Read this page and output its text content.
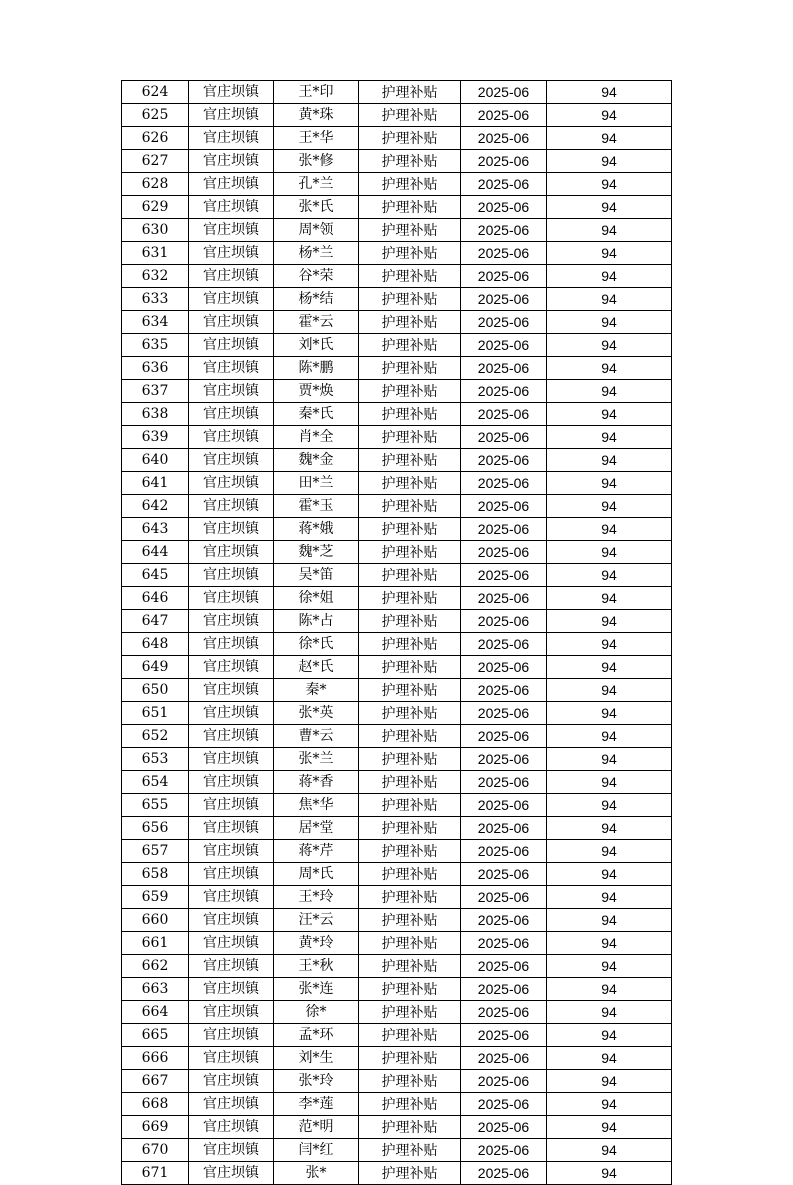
624	官庄坝镇	王*印	护理补贴	2025-06	94
625	官庄坝镇	黄*珠	护理补贴	2025-06	94
626	官庄坝镇	王*华	护理补贴	2025-06	94
627	官庄坝镇	张*修	护理补贴	2025-06	94
628	官庄坝镇	孔*兰	护理补贴	2025-06	94
629	官庄坝镇	张*氏	护理补贴	2025-06	94
630	官庄坝镇	周*领	护理补贴	2025-06	94
631	官庄坝镇	杨*兰	护理补贴	2025-06	94
632	官庄坝镇	谷*荣	护理补贴	2025-06	94
633	官庄坝镇	杨*结	护理补贴	2025-06	94
634	官庄坝镇	霍*云	护理补贴	2025-06	94
635	官庄坝镇	刘*氏	护理补贴	2025-06	94
636	官庄坝镇	陈*鹏	护理补贴	2025-06	94
637	官庄坝镇	贾*焕	护理补贴	2025-06	94
638	官庄坝镇	秦*氏	护理补贴	2025-06	94
639	官庄坝镇	肖*全	护理补贴	2025-06	94
640	官庄坝镇	魏*金	护理补贴	2025-06	94
641	官庄坝镇	田*兰	护理补贴	2025-06	94
642	官庄坝镇	霍*玉	护理补贴	2025-06	94
643	官庄坝镇	蒋*娥	护理补贴	2025-06	94
644	官庄坝镇	魏*芝	护理补贴	2025-06	94
645	官庄坝镇	吴*笛	护理补贴	2025-06	94
646	官庄坝镇	徐*姐	护理补贴	2025-06	94
647	官庄坝镇	陈*占	护理补贴	2025-06	94
648	官庄坝镇	徐*氏	护理补贴	2025-06	94
649	官庄坝镇	赵*氏	护理补贴	2025-06	94
650	官庄坝镇	秦*	护理补贴	2025-06	94
651	官庄坝镇	张*英	护理补贴	2025-06	94
652	官庄坝镇	曹*云	护理补贴	2025-06	94
653	官庄坝镇	张*兰	护理补贴	2025-06	94
654	官庄坝镇	蒋*香	护理补贴	2025-06	94
655	官庄坝镇	焦*华	护理补贴	2025-06	94
656	官庄坝镇	居*堂	护理补贴	2025-06	94
657	官庄坝镇	蒋*芹	护理补贴	2025-06	94
658	官庄坝镇	周*氏	护理补贴	2025-06	94
659	官庄坝镇	王*玲	护理补贴	2025-06	94
660	官庄坝镇	汪*云	护理补贴	2025-06	94
661	官庄坝镇	黄*玲	护理补贴	2025-06	94
662	官庄坝镇	王*秋	护理补贴	2025-06	94
663	官庄坝镇	张*连	护理补贴	2025-06	94
664	官庄坝镇	徐*	护理补贴	2025-06	94
665	官庄坝镇	孟*环	护理补贴	2025-06	94
666	官庄坝镇	刘*生	护理补贴	2025-06	94
667	官庄坝镇	张*玲	护理补贴	2025-06	94
668	官庄坝镇	李*莲	护理补贴	2025-06	94
669	官庄坝镇	范*明	护理补贴	2025-06	94
670	官庄坝镇	闫*红	护理补贴	2025-06	94
671	官庄坝镇	张*	护理补贴	2025-06	94
